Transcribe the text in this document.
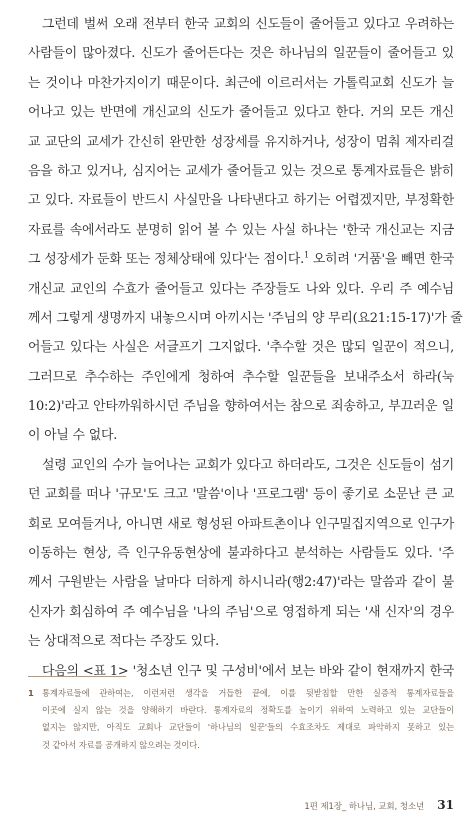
그런데 벌써 오래 전부터 한국 교회의 신도들이 줄어들고 있다고 우려하는
사람들이 많아졌다. 신도가 줄어든다는 것은 하나님의 일꾼들이 줄어들고 있
는 것이나 마찬가지이기 때문이다. 최근에 이르러서는 가톨릭교회 신도가 늘
어나고 있는 반면에 개신교의 신도가 줄어들고 있다고 한다. 거의 모든 개신
교 교단의 교세가 간신히 완만한 성장세를 유지하거나, 성장이 멈춰 제자리걸
음을 하고 있거나, 심지어는 교세가 줄어들고 있는 것으로 통계자료들은 밝히
고 있다. 자료들이 반드시 사실만을 나타낸다고 하기는 어렵겠지만, 부정확한
자료를 속에서라도 분명히 읽어 볼 수 있는 사실 하나는 '한국 개신교는 지금
그 성장세가 둔화 또는 정체상태에 있다'는 점이다.$^1$ 오히려 '거품'을 빼면 한국
개신교 교인의 수효가 줄어들고 있다는 주장들도 나와 있다. 우리 주 예수님
께서 그렇게 생명까지 내놓으시며 아끼시는 '주님의 양 무리(요21:15-17)'가 줄
어들고 있다는 사실은 서글프기 그지없다. '추수할 것은 많되 일꾼이 적으니,
그러므로 추수하는 주인에게 청하여 추수할 일꾼들을 보내주소서 하라(눅
10:2)'라고 안타까워하시던 주님을 향하여서는 참으로 죄송하고, 부끄러운 일
이 아닐 수 없다.
설령 교인의 수가 늘어나는 교회가 있다고 하더라도, 그것은 신도들이 섬기
던 교회를 떠나 '규모'도 크고 '말씀'이나 '프로그램' 등이 좋기로 소문난 큰 교
회로 모여들거나, 아니면 새로 형성된 아파트촌이나 인구밀집지역으로 인구가
이동하는 현상, 즉 인구유동현상에 불과하다고 분석하는 사람들도 있다. '주
께서 구원받는 사람을 날마다 더하게 하시니라(행2:47)'라는 말씀과 같이 불
신자가 회심하여 주 예수님을 '나의 주님'으로 영접하게 되는 '새 신자'의 경우
는 상대적으로 적다는 주장도 있다.
다음의 <표 1> '청소년 인구 및 구성비'에서 보는 바와 같이 현재까지 한국
1 통계자료들에 관하여는, 이런저런 생각을 거듭한 끝에, 이를 뒷받침할 만한 실증적 통계자료들을
이곳에 실지 않는 것을 양해하기 바란다. 통계자료의 정확도를 높이기 위하여 노력하고 있는 교단들이
없지는 않지만, 아직도 교회나 교단들이 '하나님의 일꾼'들의 수효조차도 제대로 파악하지 못하고 있는
것 같아서 자료를 공개하지 않으려는 것이다.
1편 제1장_ 하나님, 교회, 청소년 31
